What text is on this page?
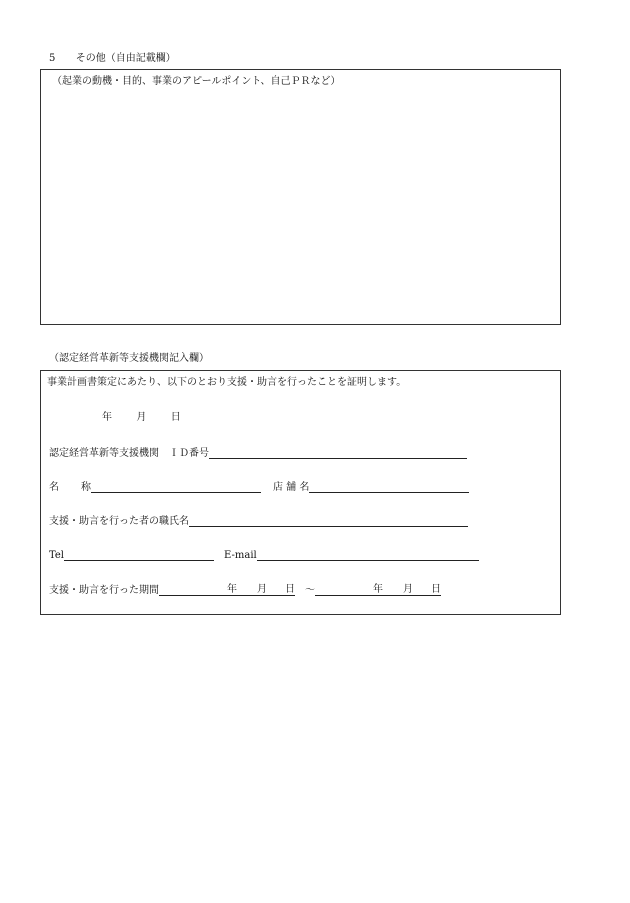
5 その他（自由記載欄）
（起業の動機・目的、事業のアピールポイント、自己ＰＲなど）
（認定経営革新等支援機関記入欄）
事業計画書策定にあたり、以下のとおり支援・助言を行ったことを証明します。
年 月 日
認定経営革新等支援機関　ＩＤ番号
名 称	店 舗 名
支援・助言を行った者の職氏名
Tel	E-mail
支援・助言を行った期間	年 月 日 ～	年 月 日
